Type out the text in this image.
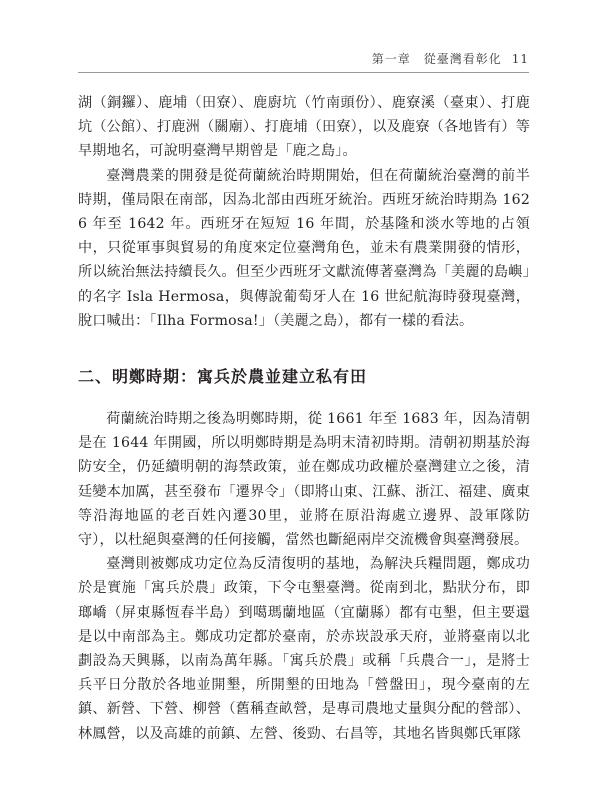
第一章　從臺灣看彰化 11

湖（銅鑼）、鹿埔（田寮）、鹿廚坑（竹南頭份）、鹿寮溪（臺東）、打鹿坑（公館）、打鹿洲（關廟）、打鹿埔（田寮），以及鹿寮（各地皆有）等早期地名，可說明臺灣早期曾是「鹿之島」。

臺灣農業的開發是從荷蘭統治時期開始，但在荷蘭統治臺灣的前半時期，僅局限在南部，因為北部由西班牙統治。西班牙統治時期為 1626 年至 1642 年。西班牙在短短 16 年間，於基隆和淡水等地的占領中，只從軍事與貿易的角度來定位臺灣角色，並未有農業開發的情形，所以統治無法持續長久。但至少西班牙文獻流傳著臺灣為「美麗的島嶼」的名字 Isla Hermosa，與傳說葡萄牙人在 16 世紀航海時發現臺灣，脫口喊出：「Ilha Formosa!」（美麗之島），都有一樣的看法。

二、明鄭時期：寓兵於農並建立私有田

荷蘭統治時期之後為明鄭時期，從 1661 年至 1683 年，因為清朝是在 1644 年開國，所以明鄭時期是為明末清初時期。清朝初期基於海防安全，仍延續明朝的海禁政策，並在鄭成功政權於臺灣建立之後，清廷變本加厲，甚至發布「遷界令」（即將山東、江蘇、浙江、福建、廣東等沿海地區的老百姓內遷30里，並將在原沿海處立邊界、設軍隊防守），以杜絕與臺灣的任何接觸，當然也斷絕兩岸交流機會與臺灣發展。

臺灣則被鄭成功定位為反清復明的基地，為解決兵糧問題，鄭成功於是實施「寓兵於農」政策，下令屯墾臺灣。從南到北，點狀分布，即瑯嶠（屏東縣恆春半島）到噶瑪蘭地區（宜蘭縣）都有屯墾，但主要還是以中南部為主。鄭成功定都於臺南，於赤崁設承天府，並將臺南以北劃設為天興縣，以南為萬年縣。「寓兵於農」或稱「兵農合一」，是將士兵平日分散於各地並開墾，所開墾的田地為「營盤田」，現今臺南的左鎮、新營、下營、柳營（舊稱查畝營，是專司農地丈量與分配的營部）、林鳳營，以及高雄的前鎮、左營、後勁、右昌等，其地名皆與鄭氏軍隊
